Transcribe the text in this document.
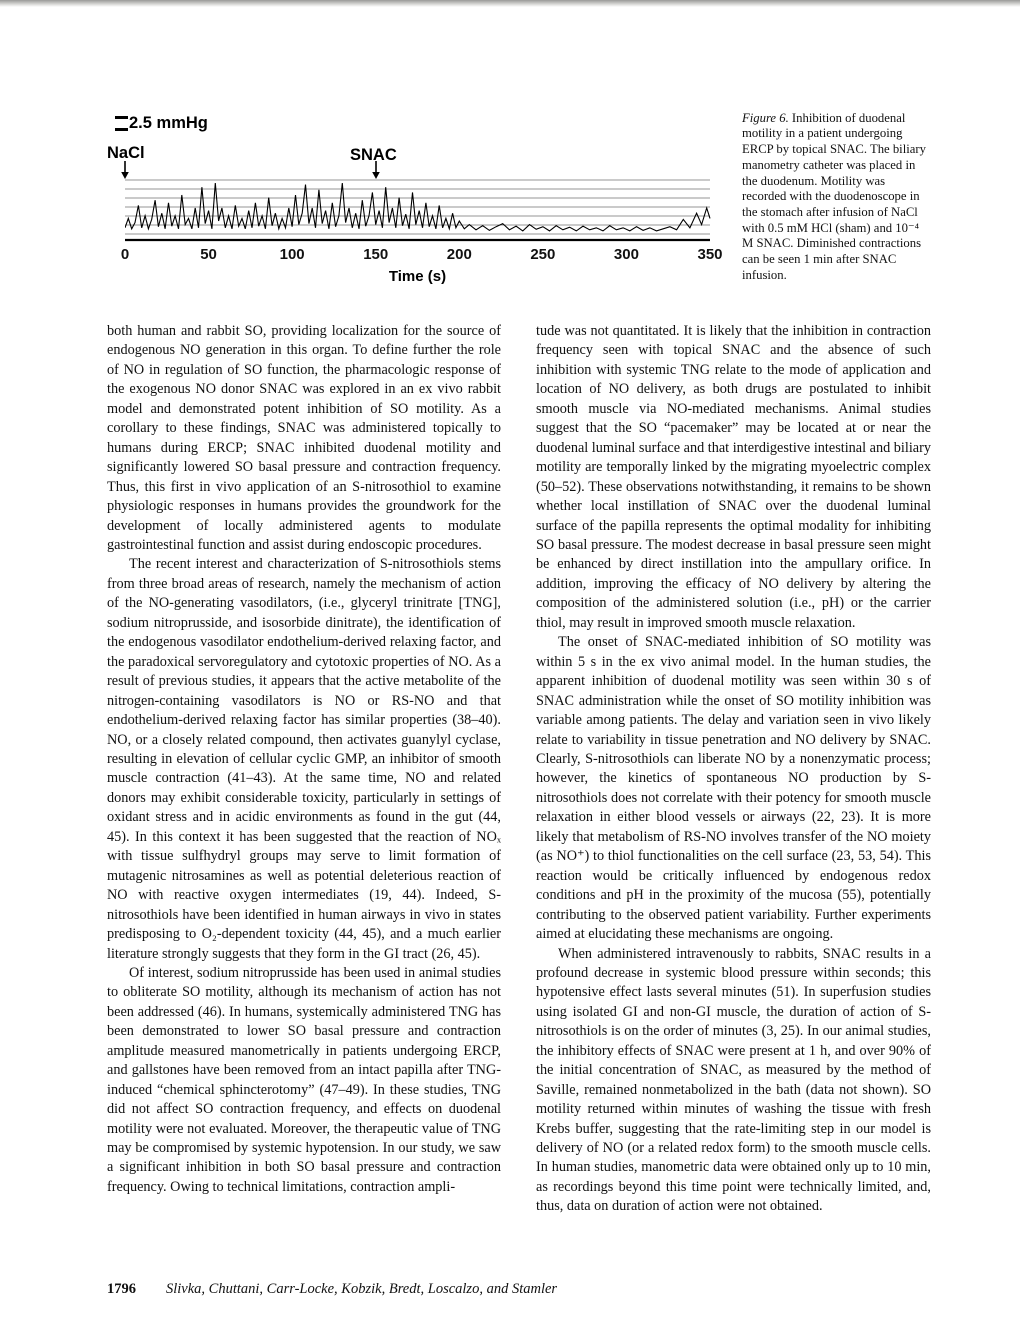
2.5 mmHg
NaCl	SNAC
0	50	100	150	200	250	300	350
Time (s)

Figure 6. Inhibition of duodenal motility in a patient undergoing ERCP by topical SNAC. The biliary manometry catheter was placed in the duodenum. Motility was recorded with the duodenoscope in the stomach after infusion of NaCl with 0.5 mM HCl (sham) and 10⁻⁴ M SNAC. Diminished contractions can be seen 1 min after SNAC infusion.

both human and rabbit SO, providing localization for the source of endogenous NO generation in this organ. To define further the role of NO in regulation of SO function, the pharmacologic response of the exogenous NO donor SNAC was explored in an ex vivo rabbit model and demonstrated potent inhibition of SO motility. As a corollary to these findings, SNAC was administered topically to humans during ERCP; SNAC inhibited duodenal motility and significantly lowered SO basal pressure and contraction frequency. Thus, this first in vivo application of an S-nitrosothiol to examine physiologic responses in humans provides the groundwork for the development of locally administered agents to modulate gastrointestinal function and assist during endoscopic procedures.

The recent interest and characterization of S-nitrosothiols stems from three broad areas of research, namely the mechanism of action of the NO-generating vasodilators, (i.e., glyceryl trinitrate [TNG], sodium nitroprusside, and isosorbide dinitrate), the identification of the endogenous vasodilator endothelium-derived relaxing factor, and the paradoxical servoregulatory and cytotoxic properties of NO. As a result of previous studies, it appears that the active metabolite of the nitrogen-containing vasodilators is NO or RS-NO and that endothelium-derived relaxing factor has similar properties (38–40). NO, or a closely related compound, then activates guanylyl cyclase, resulting in elevation of cellular cyclic GMP, an inhibitor of smooth muscle contraction (41–43). At the same time, NO and related donors may exhibit considerable toxicity, particularly in settings of oxidant stress and in acidic environments as found in the gut (44, 45). In this context it has been suggested that the reaction of NOₓ with tissue sulfhydryl groups may serve to limit formation of mutagenic nitrosamines as well as potential deleterious reaction of NO with reactive oxygen intermediates (19, 44). Indeed, S-nitrosothiols have been identified in human airways in vivo in states predisposing to O₂-dependent toxicity (44, 45), and a much earlier literature strongly suggests that they form in the GI tract (26, 45).

Of interest, sodium nitroprusside has been used in animal studies to obliterate SO motility, although its mechanism of action has not been addressed (46). In humans, systemically administered TNG has been demonstrated to lower SO basal pressure and contraction amplitude measured manometrically in patients undergoing ERCP, and gallstones have been removed from an intact papilla after TNG-induced “chemical sphincterotomy” (47–49). In these studies, TNG did not affect SO contraction frequency, and effects on duodenal motility were not evaluated. Moreover, the therapeutic value of TNG may be compromised by systemic hypotension. In our study, we saw a significant inhibition in both SO basal pressure and contraction frequency. Owing to technical limitations, contraction ampli-

tude was not quantitated. It is likely that the inhibition in contraction frequency seen with topical SNAC and the absence of such inhibition with systemic TNG relate to the mode of application and location of NO delivery, as both drugs are postulated to inhibit smooth muscle via NO-mediated mechanisms. Animal studies suggest that the SO “pacemaker” may be located at or near the duodenal luminal surface and that interdigestive intestinal and biliary motility are temporally linked by the migrating myoelectric complex (50–52). These observations notwithstanding, it remains to be shown whether local instillation of SNAC over the duodenal luminal surface of the papilla represents the optimal modality for inhibiting SO basal pressure. The modest decrease in basal pressure seen might be enhanced by direct instillation into the ampullary orifice. In addition, improving the efficacy of NO delivery by altering the composition of the administered solution (i.e., pH) or the carrier thiol, may result in improved smooth muscle relaxation.

The onset of SNAC-mediated inhibition of SO motility was within 5 s in the ex vivo animal model. In the human studies, the apparent inhibition of duodenal motility was seen within 30 s of SNAC administration while the onset of SO motility inhibition was variable among patients. The delay and variation seen in vivo likely relate to variability in tissue penetration and NO delivery by SNAC. Clearly, S-nitrosothiols can liberate NO by a nonenzymatic process; however, the kinetics of spontaneous NO production by S-nitrosothiols does not correlate with their potency for smooth muscle relaxation in either blood vessels or airways (22, 23). It is more likely that metabolism of RS-NO involves transfer of the NO moiety (as NO⁺) to thiol functionalities on the cell surface (23, 53, 54). This reaction would be critically influenced by endogenous redox conditions and pH in the proximity of the mucosa (55), potentially contributing to the observed patient variability. Further experiments aimed at elucidating these mechanisms are ongoing.

When administered intravenously to rabbits, SNAC results in a profound decrease in systemic blood pressure within seconds; this hypotensive effect lasts several minutes (51). In superfusion studies using isolated GI and non-GI muscle, the duration of action of S-nitrosothiols is on the order of minutes (3, 25). In our animal studies, the inhibitory effects of SNAC were present at 1 h, and over 90% of the initial concentration of SNAC, as measured by the method of Saville, remained nonmetabolized in the bath (data not shown). SO motility returned within minutes of washing the tissue with fresh Krebs buffer, suggesting that the rate-limiting step in our model is delivery of NO (or a related redox form) to the smooth muscle cells. In human studies, manometric data were obtained only up to 10 min, as recordings beyond this time point were technically limited, and, thus, data on duration of action were not obtained.

1796 Slivka, Chuttani, Carr-Locke, Kobzik, Bredt, Loscalzo, and Stamler
